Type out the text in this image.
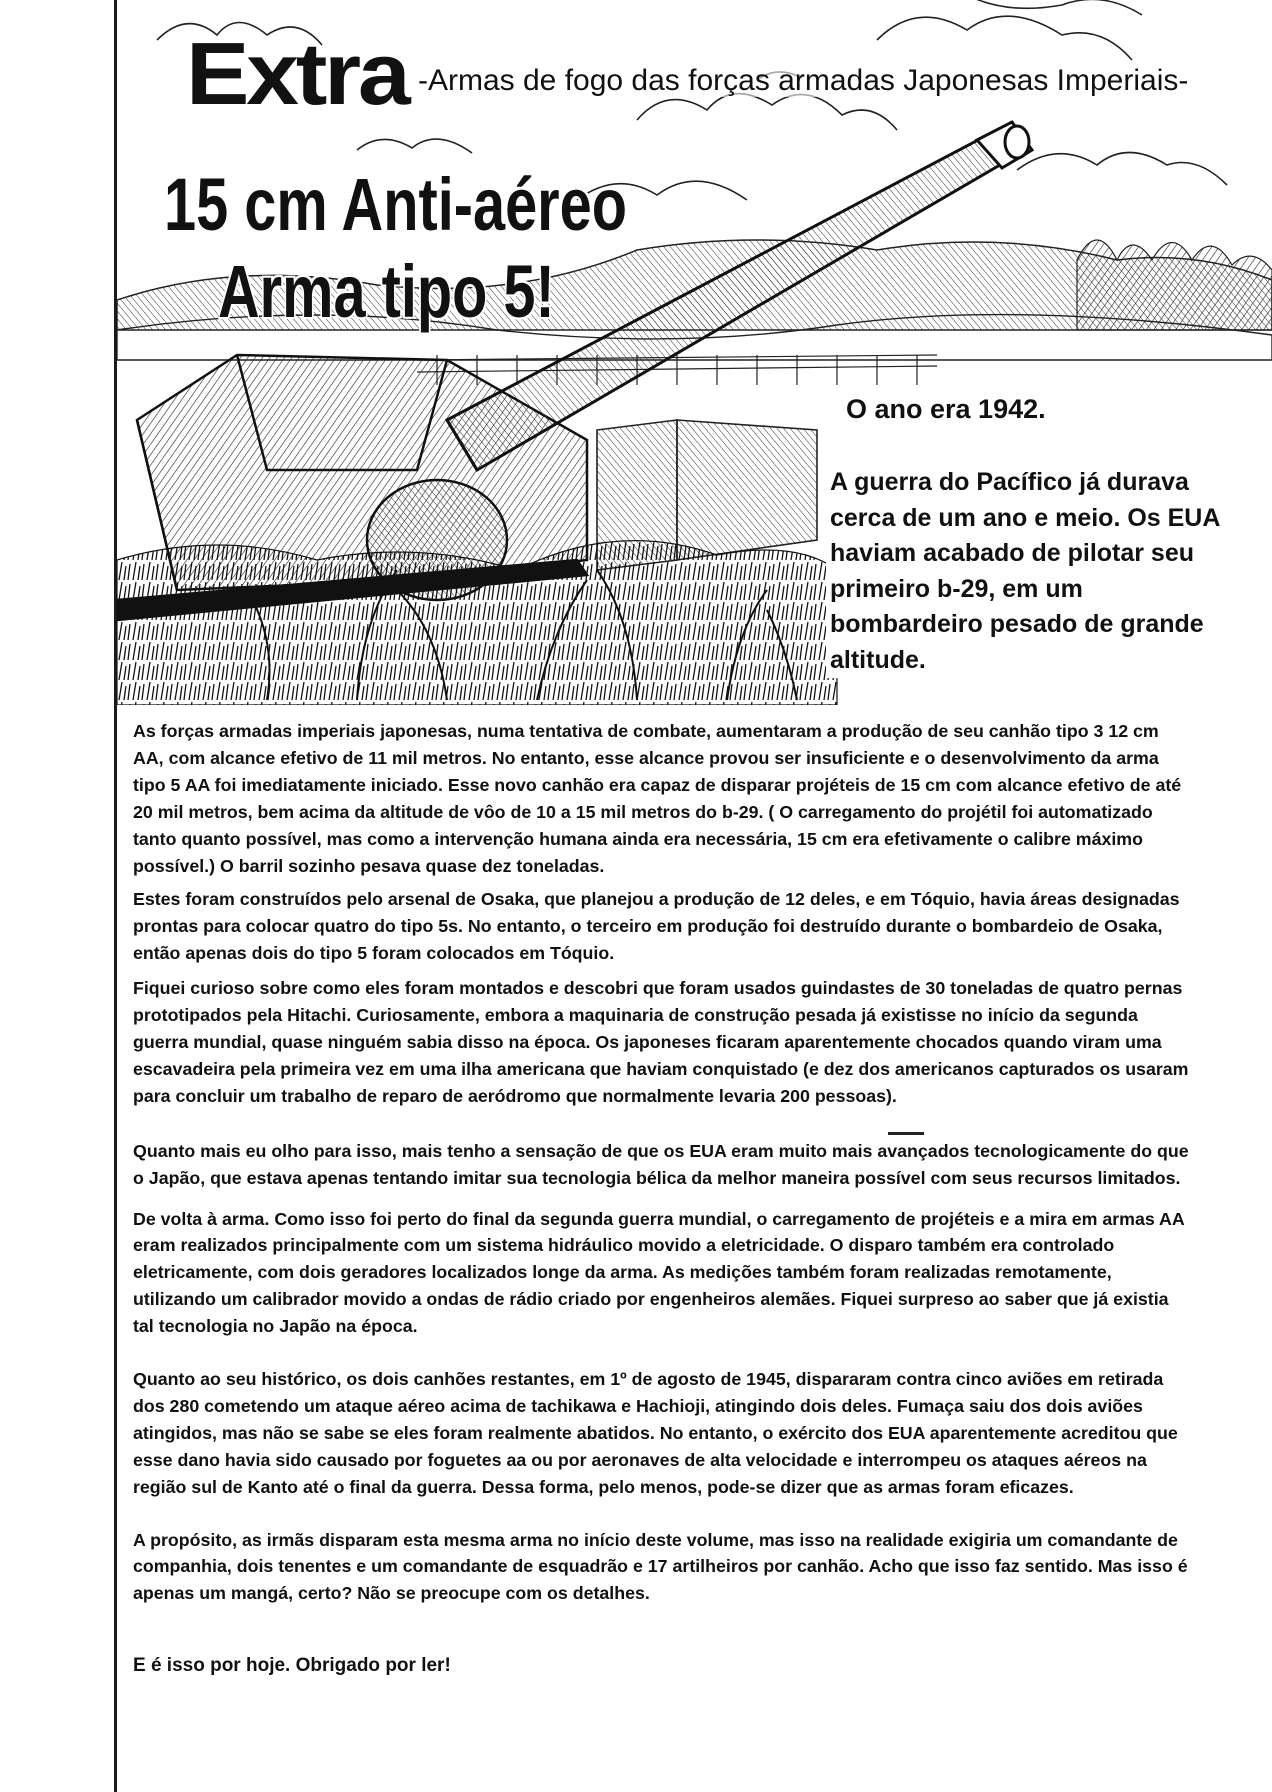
Extra -Armas de fogo das forças armadas Japonesas Imperiais-
15 cm Anti-aéreo
Arma tipo 5!
O ano era 1942.
A guerra do Pacífico já durava cerca de um ano e meio. Os EUA haviam acabado de pilotar seu primeiro b-29, em um bombardeiro pesado de grande altitude.

As forças armadas imperiais japonesas, numa tentativa de combate, aumentaram a produção de seu canhão tipo 3 12 cm AA, com alcance efetivo de 11 mil metros. No entanto, esse alcance provou ser insuficiente e o desenvolvimento da arma tipo 5 AA foi imediatamente iniciado. Esse novo canhão era capaz de disparar projéteis de 15 cm com alcance efetivo de até 20 mil metros, bem acima da altitude de vôo de 10 a 15 mil metros do b-29. ( O carregamento do projétil foi automatizado tanto quanto possível, mas como a intervenção humana ainda era necessária, 15 cm era efetivamente o calibre máximo possível.) O barril sozinho pesava quase dez toneladas.

Estes foram construídos pelo arsenal de Osaka, que planejou a produção de 12 deles, e em Tóquio, havia áreas designadas prontas para colocar quatro do tipo 5s. No entanto, o terceiro em produção foi destruído durante o bombardeio de Osaka, então apenas dois do tipo 5 foram colocados em Tóquio.

Fiquei curioso sobre como eles foram montados e descobri que foram usados guindastes de 30 toneladas de quatro pernas prototipados pela Hitachi. Curiosamente, embora a maquinaria de construção pesada já existisse no início da segunda guerra mundial, quase ninguém sabia disso na época. Os japoneses ficaram aparentemente chocados quando viram uma escavadeira pela primeira vez em uma ilha americana que haviam conquistado (e dez dos americanos capturados os usaram para concluir um trabalho de reparo de aeródromo que normalmente levaria 200 pessoas).

Quanto mais eu olho para isso, mais tenho a sensação de que os EUA eram muito mais avançados tecnologicamente do que o Japão, que estava apenas tentando imitar sua tecnologia bélica da melhor maneira possível com seus recursos limitados.

De volta à arma. Como isso foi perto do final da segunda guerra mundial, o carregamento de projéteis e a mira em armas AA eram realizados principalmente com um sistema hidráulico movido a eletricidade. O disparo também era controlado eletricamente, com dois geradores localizados longe da arma. As medições também foram realizadas remotamente, utilizando um calibrador movido a ondas de rádio criado por engenheiros alemães. Fiquei surpreso ao saber que já existia tal tecnologia no Japão na época.

Quanto ao seu histórico, os dois canhões restantes, em 1º de agosto de 1945, dispararam contra cinco aviões em retirada dos 280 cometendo um ataque aéreo acima de tachikawa e Hachioji, atingindo dois deles. Fumaça saiu dos dois aviões atingidos, mas não se sabe se eles foram realmente abatidos. No entanto, o exército dos EUA aparentemente acreditou que esse dano havia sido causado por foguetes aa ou por aeronaves de alta velocidade e interrompeu os ataques aéreos na região sul de Kanto até o final da guerra. Dessa forma, pelo menos, pode-se dizer que as armas foram eficazes.

A propósito, as irmãs disparam esta mesma arma no início deste volume, mas isso na realidade exigiria um comandante de companhia, dois tenentes e um comandante de esquadrão e 17 artilheiros por canhão. Acho que isso faz sentido. Mas isso é apenas um mangá, certo? Não se preocupe com os detalhes.

E é isso por hoje. Obrigado por ler!
